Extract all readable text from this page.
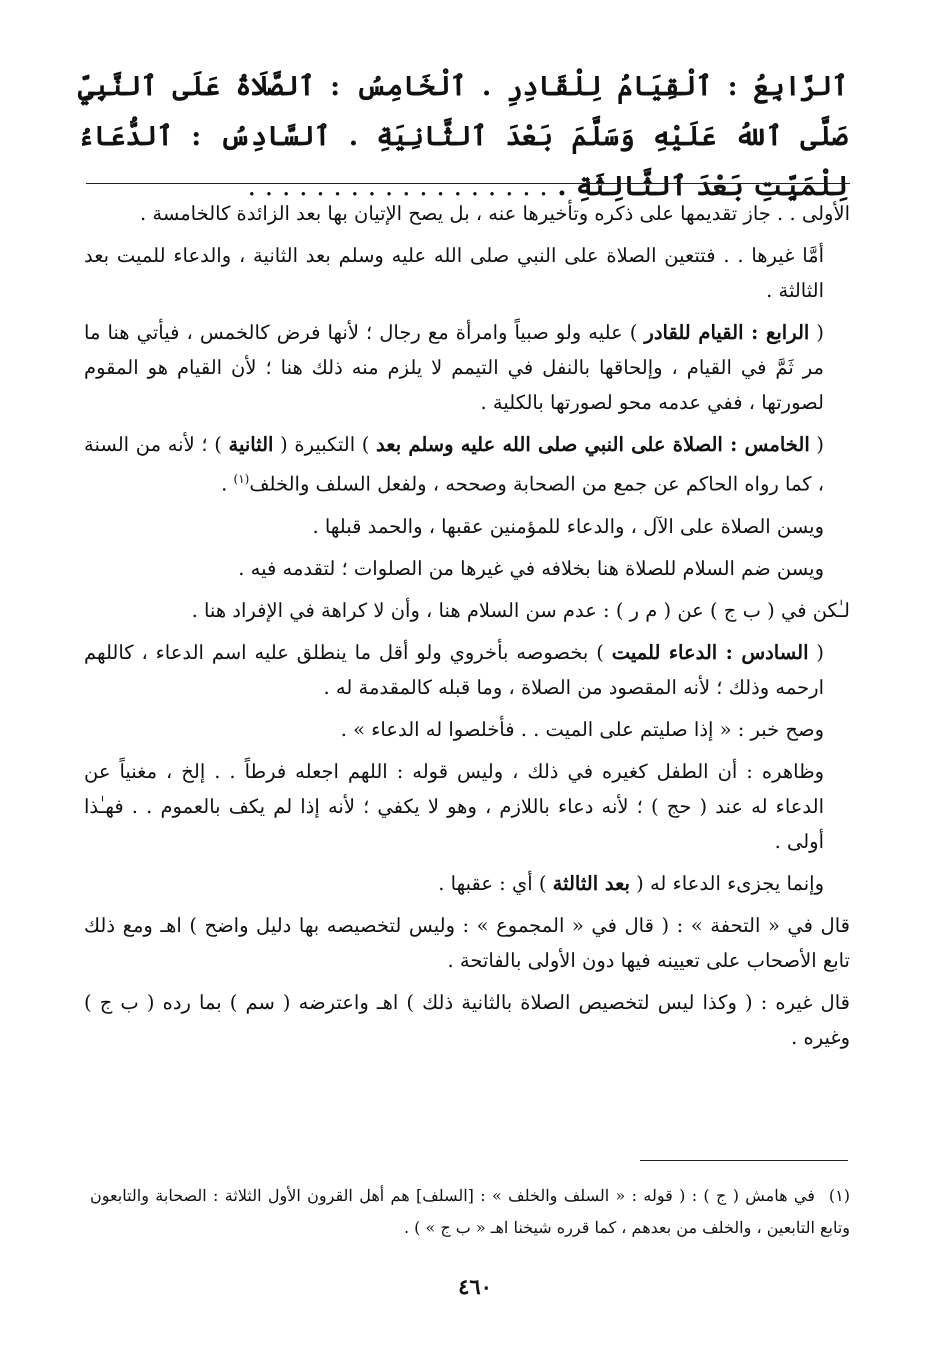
ٱلرَّابِعُ : ٱلْقِيَامُ لِلْقَادِرِ . ٱلْخَامِسُ : ٱلصَّلَاةُ عَلَى ٱلنَّبِيِّ صَلَّى ٱللهُ عَلَيْهِ وَسَلَّمَ بَعْدَ ٱلثَّانِيَةِ . ٱلسَّادِسُ : ٱلدُّعَاءُ لِلْمَيِّتِ بَعْدَ ٱلثَّالِثَةِ . . . . . . . . . . . . . . . . . . .

الأولى . . جاز تقديمها على ذكره وتأخيرها عنه ، بل يصح الإتيان بها بعد الزائدة كالخامسة .

أمَّا غيرها . . فتتعين الصلاة على النبي صلى الله عليه وسلم بعد الثانية ، والدعاء للميت بعد الثالثة .

( الرابع : القيام للقادر ) عليه ولو صبياً وامرأة مع رجال ؛ لأنها فرض كالخمس ، فيأتي هنا ما مر ثَمَّ في القيام ، وإلحاقها بالنفل في التيمم لا يلزم منه ذلك هنا ؛ لأن القيام هو المقوم لصورتها ، ففي عدمه محو لصورتها بالكلية .

( الخامس : الصلاة على النبي صلى الله عليه وسلم بعد ) التكبيرة ( الثانية ) ؛ لأنه من السنة ، كما رواه الحاكم عن جمع من الصحابة وصححه ، ولفعل السلف والخلف$^{(١)}$ .

ويسن الصلاة على الآل ، والدعاء للمؤمنين عقبها ، والحمد قبلها .

ويسن ضم السلام للصلاة هنا بخلافه في غيرها من الصلوات ؛ لتقدمه فيه .

لـٰكن في ( ب ج ) عن ( م ر ) : عدم سن السلام هنا ، وأن لا كراهة في الإفراد هنا .

( السادس : الدعاء للميت ) بخصوصه بأخروي ولو أقل ما ينطلق عليه اسم الدعاء ، كاللهم ارحمه وذلك ؛ لأنه المقصود من الصلاة ، وما قبله كالمقدمة له .

وصح خبر : « إذا صليتم على الميت . . فأخلصوا له الدعاء » .

وظاهره : أن الطفل كغيره في ذلك ، وليس قوله : اللهم اجعله فرطاً . . إلخ ، مغنياً عن الدعاء له عند ( حج ) ؛ لأنه دعاء باللازم ، وهو لا يكفي ؛ لأنه إذا لم يكف بالعموم . . فهـٰذا أولى .

وإنما يجزىء الدعاء له ( بعد الثالثة ) أي : عقبها .

قال في « التحفة » : ( قال في « المجموع » : وليس لتخصيصه بها دليل واضح ) اهـ ومع ذلك تابع الأصحاب على تعيينه فيها دون الأولى بالفاتحة .

قال غيره : ( وكذا ليس لتخصيص الصلاة بالثانية ذلك ) اهـ واعترضه ( سم ) بما رده ( ب ج ) وغيره .

(١)في هامش ( ج ) : ( قوله : « السلف والخلف » : [السلف] هم أهل القرون الأول الثلاثة : الصحابة والتابعون وتابع التابعين ، والخلف من بعدهم ، كما قرره شيخنا اهـ « ب ج » ) .
٤٦٠
